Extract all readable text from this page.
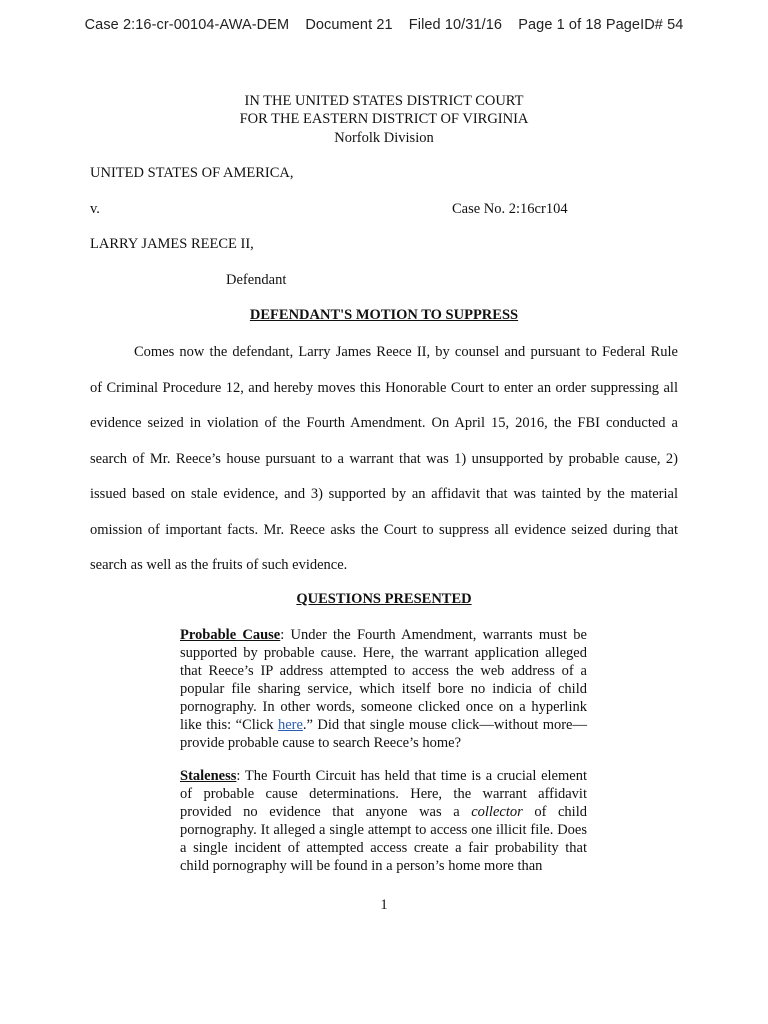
Case 2:16-cr-00104-AWA-DEM Document 21 Filed 10/31/16 Page 1 of 18 PageID# 54
IN THE UNITED STATES DISTRICT COURT
FOR THE EASTERN DISTRICT OF VIRGINIA
Norfolk Division
UNITED STATES OF AMERICA,
v.	Case No. 2:16cr104
LARRY JAMES REECE II,
Defendant
DEFENDANT'S MOTION TO SUPPRESS
Comes now the defendant, Larry James Reece II, by counsel and pursuant to Federal Rule
of Criminal Procedure 12, and hereby moves this Honorable Court to enter an order suppressing all
evidence seized in violation of the Fourth Amendment. On April 15, 2016, the FBI conducted a
search of Mr. Reece’s house pursuant to a warrant that was 1) unsupported by probable cause, 2)
issued based on stale evidence, and 3) supported by an affidavit that was tainted by the material
omission of important facts. Mr. Reece asks the Court to suppress all evidence seized during that
search as well as the fruits of such evidence.
QUESTIONS PRESENTED
Probable Cause: Under the Fourth Amendment, warrants must be supported by probable cause. Here, the warrant application alleged that Reece’s IP address attempted to access the web address of a popular file sharing service, which itself bore no indicia of child pornography. In other words, someone clicked once on a hyperlink like this: “Click here.” Did that single mouse click—without more—provide probable cause to search Reece’s home?
Staleness: The Fourth Circuit has held that time is a crucial element of probable cause determinations. Here, the warrant affidavit provided no evidence that anyone was a collector of child pornography. It alleged a single attempt to access one illicit file. Does a single incident of attempted access create a fair probability that child pornography will be found in a person’s home more than
1
